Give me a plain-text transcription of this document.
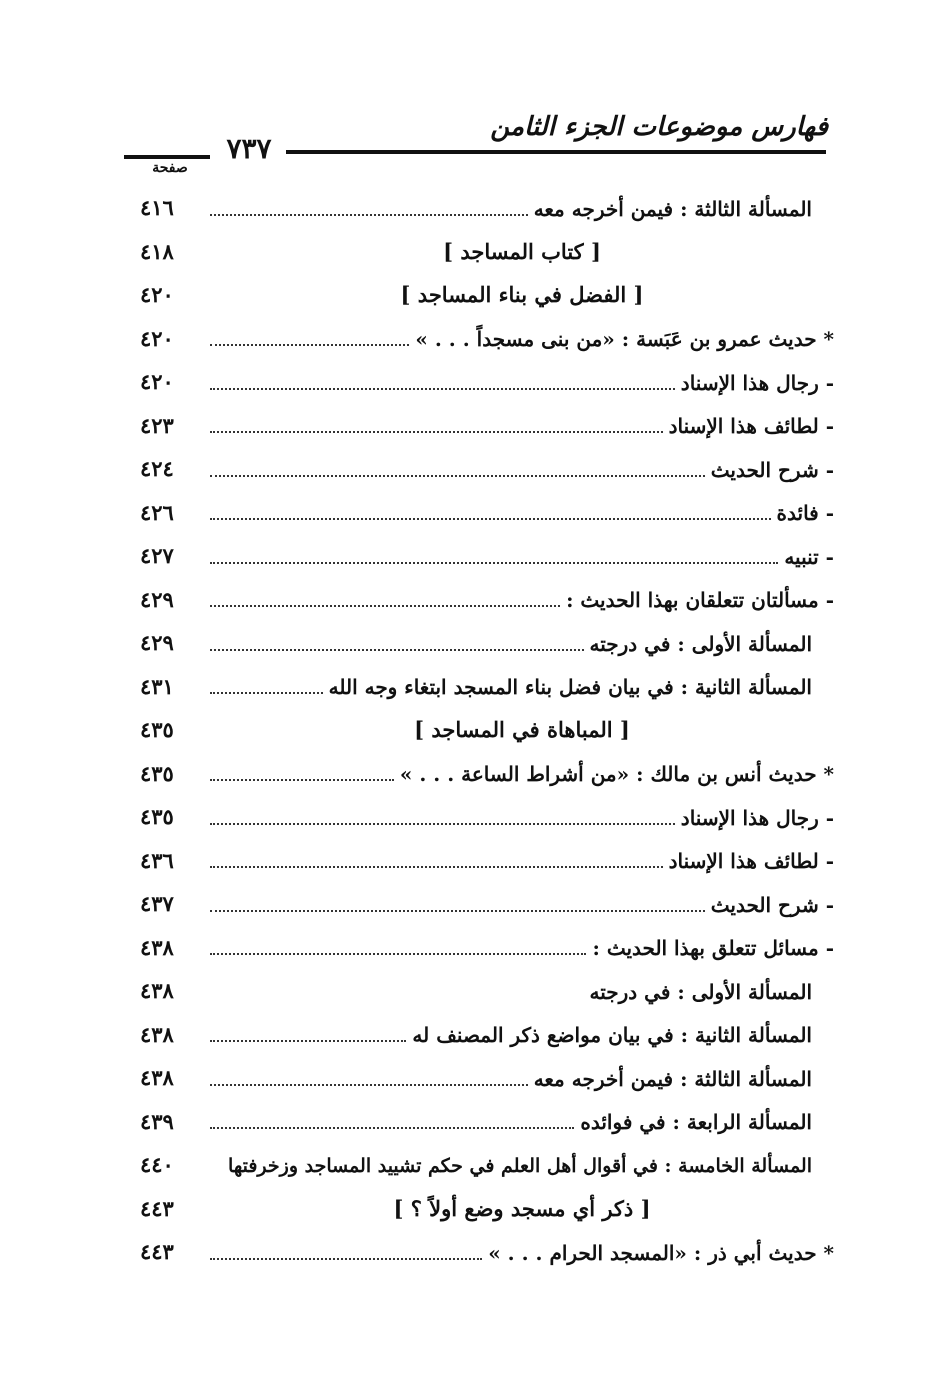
فهارس موضوعات الجزء الثامن
٧٣٧
صفحة
المسألة الثالثة : فيمن أخرجه معه
٤١٦
[ كتاب المساجد ]
٤١٨
[ الفضل في بناء المساجد ]
٤٢٠
* حديث عمرو بن عَبَسة : «من بنى مسجداً . . . »
٤٢٠
- رجال هذا الإسناد
٤٢٠
- لطائف هذا الإسناد
٤٢٣
- شرح الحديث
٤٢٤
- فائدة
٤٢٦
- تنبيه
٤٢٧
- مسألتان تتعلقان بهذا الحديث :
٤٢٩
المسألة الأولى : في درجته
٤٢٩
المسألة الثانية : في بيان فضل بناء المسجد ابتغاء وجه الله
٤٣١
[ المباهاة في المساجد ]
٤٣٥
* حديث أنس بن مالك : «من أشراط الساعة . . . »
٤٣٥
- رجال هذا الإسناد
٤٣٥
- لطائف هذا الإسناد
٤٣٦
- شرح الحديث
٤٣٧
- مسائل تتعلق بهذا الحديث :
٤٣٨
المسألة الأولى : في درجته
٤٣٨
المسألة الثانية : في بيان مواضع ذكر المصنف له
٤٣٨
المسألة الثالثة : فيمن أخرجه معه
٤٣٨
المسألة الرابعة : في فوائده
٤٣٩
المسألة الخامسة : في أقوال أهل العلم في حكم تشييد المساجد وزخرفتها
٤٤٠
[ ذكر أي مسجد وضع أولاً ؟ ]
٤٤٣
* حديث أبي ذر : «المسجد الحرام . . . »
٤٤٣
